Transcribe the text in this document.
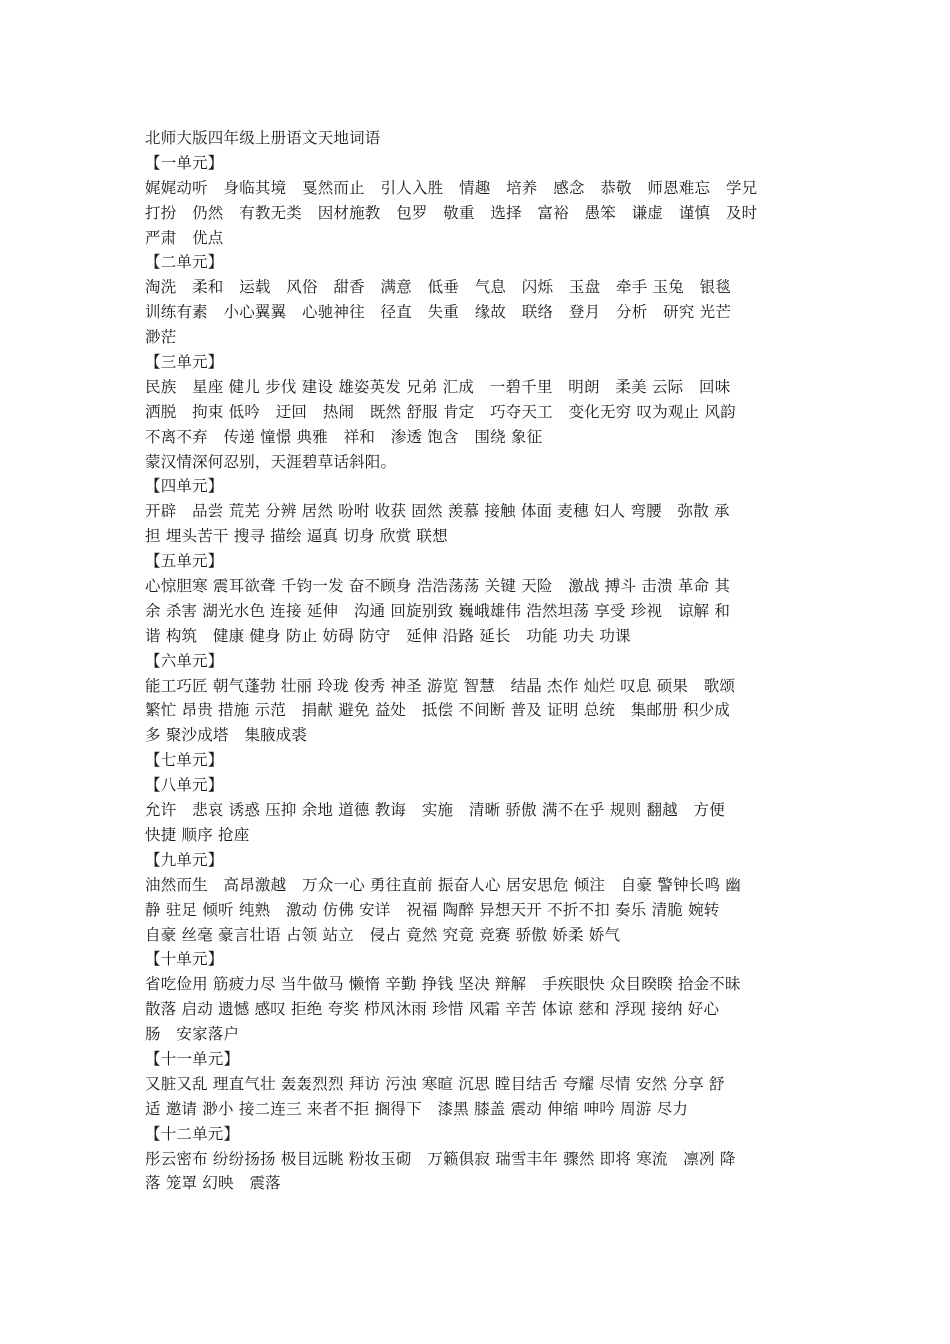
北师大版四年级上册语文天地词语
【一单元】
娓娓动听　身临其境　戛然而止　引人入胜　情趣　培养　感念　恭敬　师恩难忘　学兄
打扮　仍然　有教无类　因材施教　包罗　敬重　选择　富裕　愚笨　谦虚　谨慎　及时
严肃　优点
【二单元】
淘洗　柔和　运载　风俗　甜香　满意　低垂　气息　闪烁　玉盘　牵手 玉兔　银毯
训练有素　小心翼翼　心驰神往　径直　失重　缘故　联络　登月　分析　研究 光芒
渺茫
【三单元】
民族　星座 健儿 步伐 建设 雄姿英发 兄弟 汇成　一碧千里　明朗　柔美 云际　回味
洒脱　拘束 低吟　迂回　热闹　既然 舒服 肯定　巧夺天工　变化无穷 叹为观止 风韵
不离不弃　传递 憧憬 典雅　祥和　渗透 饱含　围绕 象征
蒙汉情深何忍别，天涯碧草话斜阳。
【四单元】
开辟　品尝 荒芜 分辨 居然 吩咐 收获 固然 羡慕 接触 体面 麦穗 妇人 弯腰　弥散 承
担 埋头苦干 搜寻 描绘 逼真 切身 欣赏 联想
【五单元】
心惊胆寒 震耳欲聋 千钧一发 奋不顾身 浩浩荡荡 关键 天险　激战 搏斗 击溃 革命 其
余 杀害 湖光水色 连接 延伸　沟通 回旋别致 巍峨雄伟 浩然坦荡 享受 珍视　谅解 和
谐 构筑　健康 健身 防止 妨碍 防守　延伸 沿路 延长　功能 功夫 功课
【六单元】
能工巧匠 朝气蓬勃 壮丽 玲珑 俊秀 神圣 游览 智慧　结晶 杰作 灿烂 叹息 硕果　歌颂
繁忙 昂贵 措施 示范　捐献 避免 益处　抵偿 不间断 普及 证明 总统　集邮册 积少成
多 聚沙成塔　集腋成裘
【七单元】
【八单元】
允许　悲哀 诱惑 压抑 余地 道德 教诲　实施　清晰 骄傲 满不在乎 规则 翻越　方便
快捷 顺序 抢座
【九单元】
油然而生　高昂激越　万众一心 勇往直前 振奋人心 居安思危 倾注　自豪 警钟长鸣 幽
静 驻足 倾听 纯熟　激动 仿佛 安详　祝福 陶醉 异想天开 不折不扣 奏乐 清脆 婉转
自豪 丝毫 豪言壮语 占领 站立　侵占 竟然 究竟 竞赛 骄傲 娇柔 娇气
【十单元】
省吃俭用 筋疲力尽 当牛做马 懒惰 辛勤 挣钱 坚决 辩解　手疾眼快 众目睽睽 拾金不昧
散落 启动 遗憾 感叹 拒绝 夸奖 栉风沐雨 珍惜 风霜 辛苦 体谅 慈和 浮现 接纳 好心
肠　安家落户
【十一单元】
又脏又乱 理直气壮 轰轰烈烈 拜访 污浊 寒暄 沉思 瞠目结舌 夸耀 尽情 安然 分享 舒
适 邀请 渺小 接二连三 来者不拒 搁得下　漆黑 膝盖 震动 伸缩 呻吟 周游 尽力
【十二单元】
彤云密布 纷纷扬扬 极目远眺 粉妆玉砌　万籁俱寂 瑞雪丰年 骤然 即将 寒流　凛冽 降
落 笼罩 幻映　震落
